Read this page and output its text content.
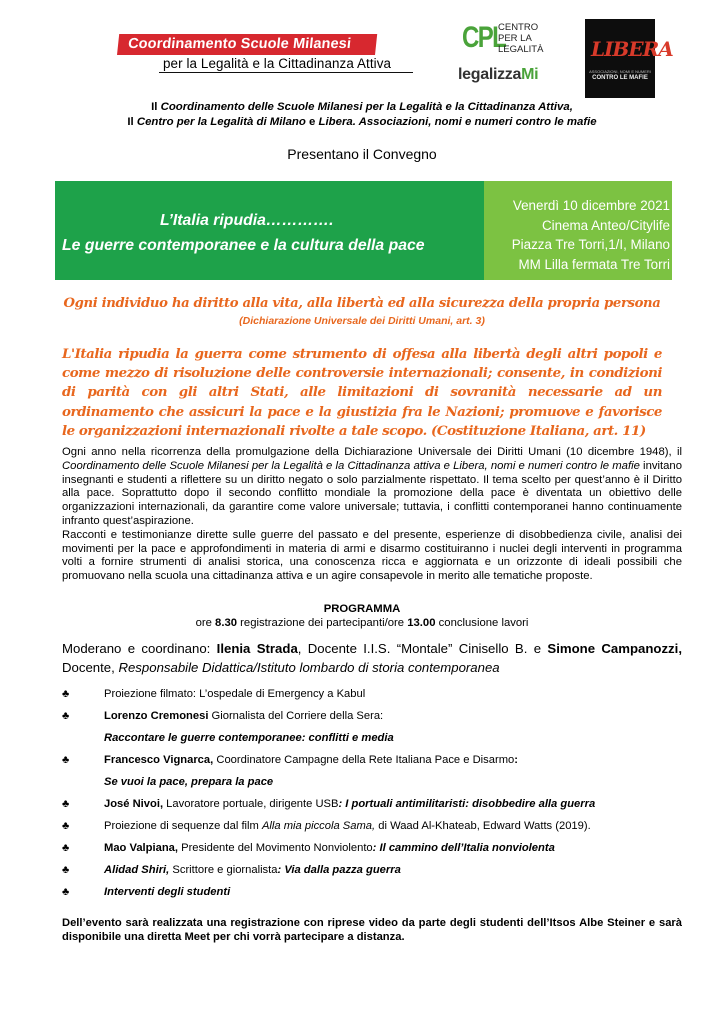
Coordinamento Scuole Milanesi
per la Legalità e la Cittadinanza Attiva
CPL
CENTRO
PER LA
LEGALITÀ
legalizzaMi
LIBERA
ASSOCIAZIONI, NOMI E NUMERI
CONTRO LE MAFIE
Il Coordinamento delle Scuole Milanesi per la Legalità e la Cittadinanza Attiva,
Il Centro per la Legalità di Milano e Libera. Associazioni, nomi e numeri contro le mafie
Presentano il Convegno
L’Italia ripudia………….
Le guerre contemporanee e la cultura della pace
Venerdì 10 dicembre 2021
Cinema Anteo/Citylife
Piazza Tre Torri,1/I, Milano
MM Lilla fermata Tre Torri
Ogni individuo ha diritto alla vita, alla libertà ed alla sicurezza della propria persona
(Dichiarazione Universale dei Diritti Umani, art. 3)
L'Italia ripudia la guerra come strumento di offesa alla libertà degli altri popoli e come mezzo di risoluzione delle controversie internazionali; consente, in condizioni di parità con gli altri Stati, alle limitazioni di sovranità necessarie ad un ordinamento che assicuri la pace e la giustizia fra le Nazioni; promuove e favorisce le organizzazioni internazionali rivolte a tale scopo. (Costituzione Italiana, art. 11)

Ogni anno nella ricorrenza della promulgazione della Dichiarazione Universale dei Diritti Umani (10 dicembre 1948), il Coordinamento delle Scuole Milanesi per la Legalità e la Cittadinanza attiva e Libera, nomi e numeri contro le mafie invitano insegnanti e studenti a riflettere su un diritto negato o solo parzialmente rispettato. Il tema scelto per quest’anno è il Diritto alla pace. Soprattutto dopo il secondo conflitto mondiale la promozione della pace è diventata un obiettivo delle organizzazioni internazionali, da garantire come valore universale; tuttavia, i conflitti contemporanei hanno continuamente infranto quest’aspirazione.

Racconti e testimonianze dirette sulle guerre del passato e del presente, esperienze di disobbedienza civile, analisi dei movimenti per la pace e approfondimenti in materia di armi e disarmo costituiranno i nuclei degli interventi in programma volti a fornire strumenti di analisi storica, una conoscenza ricca e aggiornata e un orizzonte di ideali possibili che promuovano nella scuola una cittadinanza attiva e un agire consapevole in merito alle tematiche proposte.

PROGRAMMA
ore 8.30 registrazione dei partecipanti/ore 13.00 conclusione lavori
Moderano e coordinano: Ilenia Strada, Docente I.I.S. “Montale” Cinisello B. e Simone Campanozzi, Docente, Responsabile Didattica/Istituto lombardo di storia contemporanea
♣	Proiezione filmato: L’ospedale di Emergency a Kabul
♣	Lorenzo Cremonesi Giornalista del Corriere della Sera:
Raccontare le guerre contemporanee: conflitti e media
♣	Francesco Vignarca, Coordinatore Campagne della Rete Italiana Pace e Disarmo:
Se vuoi la pace, prepara la pace
♣	José Nivoi, Lavoratore portuale, dirigente USB: I portuali antimilitaristi: disobbedire alla guerra
♣	Proiezione di sequenze dal film Alla mia piccola Sama, di Waad Al-Khateab, Edward Watts (2019).
♣	Mao Valpiana, Presidente del Movimento Nonviolento: Il cammino dell’Italia nonviolenta
♣	Alidad Shiri, Scrittore e giornalista: Via dalla pazza guerra
♣	Interventi degli studenti
Dell’evento sarà realizzata una registrazione con riprese video da parte degli studenti dell’Itsos Albe Steiner e sarà disponibile una diretta Meet per chi vorrà partecipare a distanza.
